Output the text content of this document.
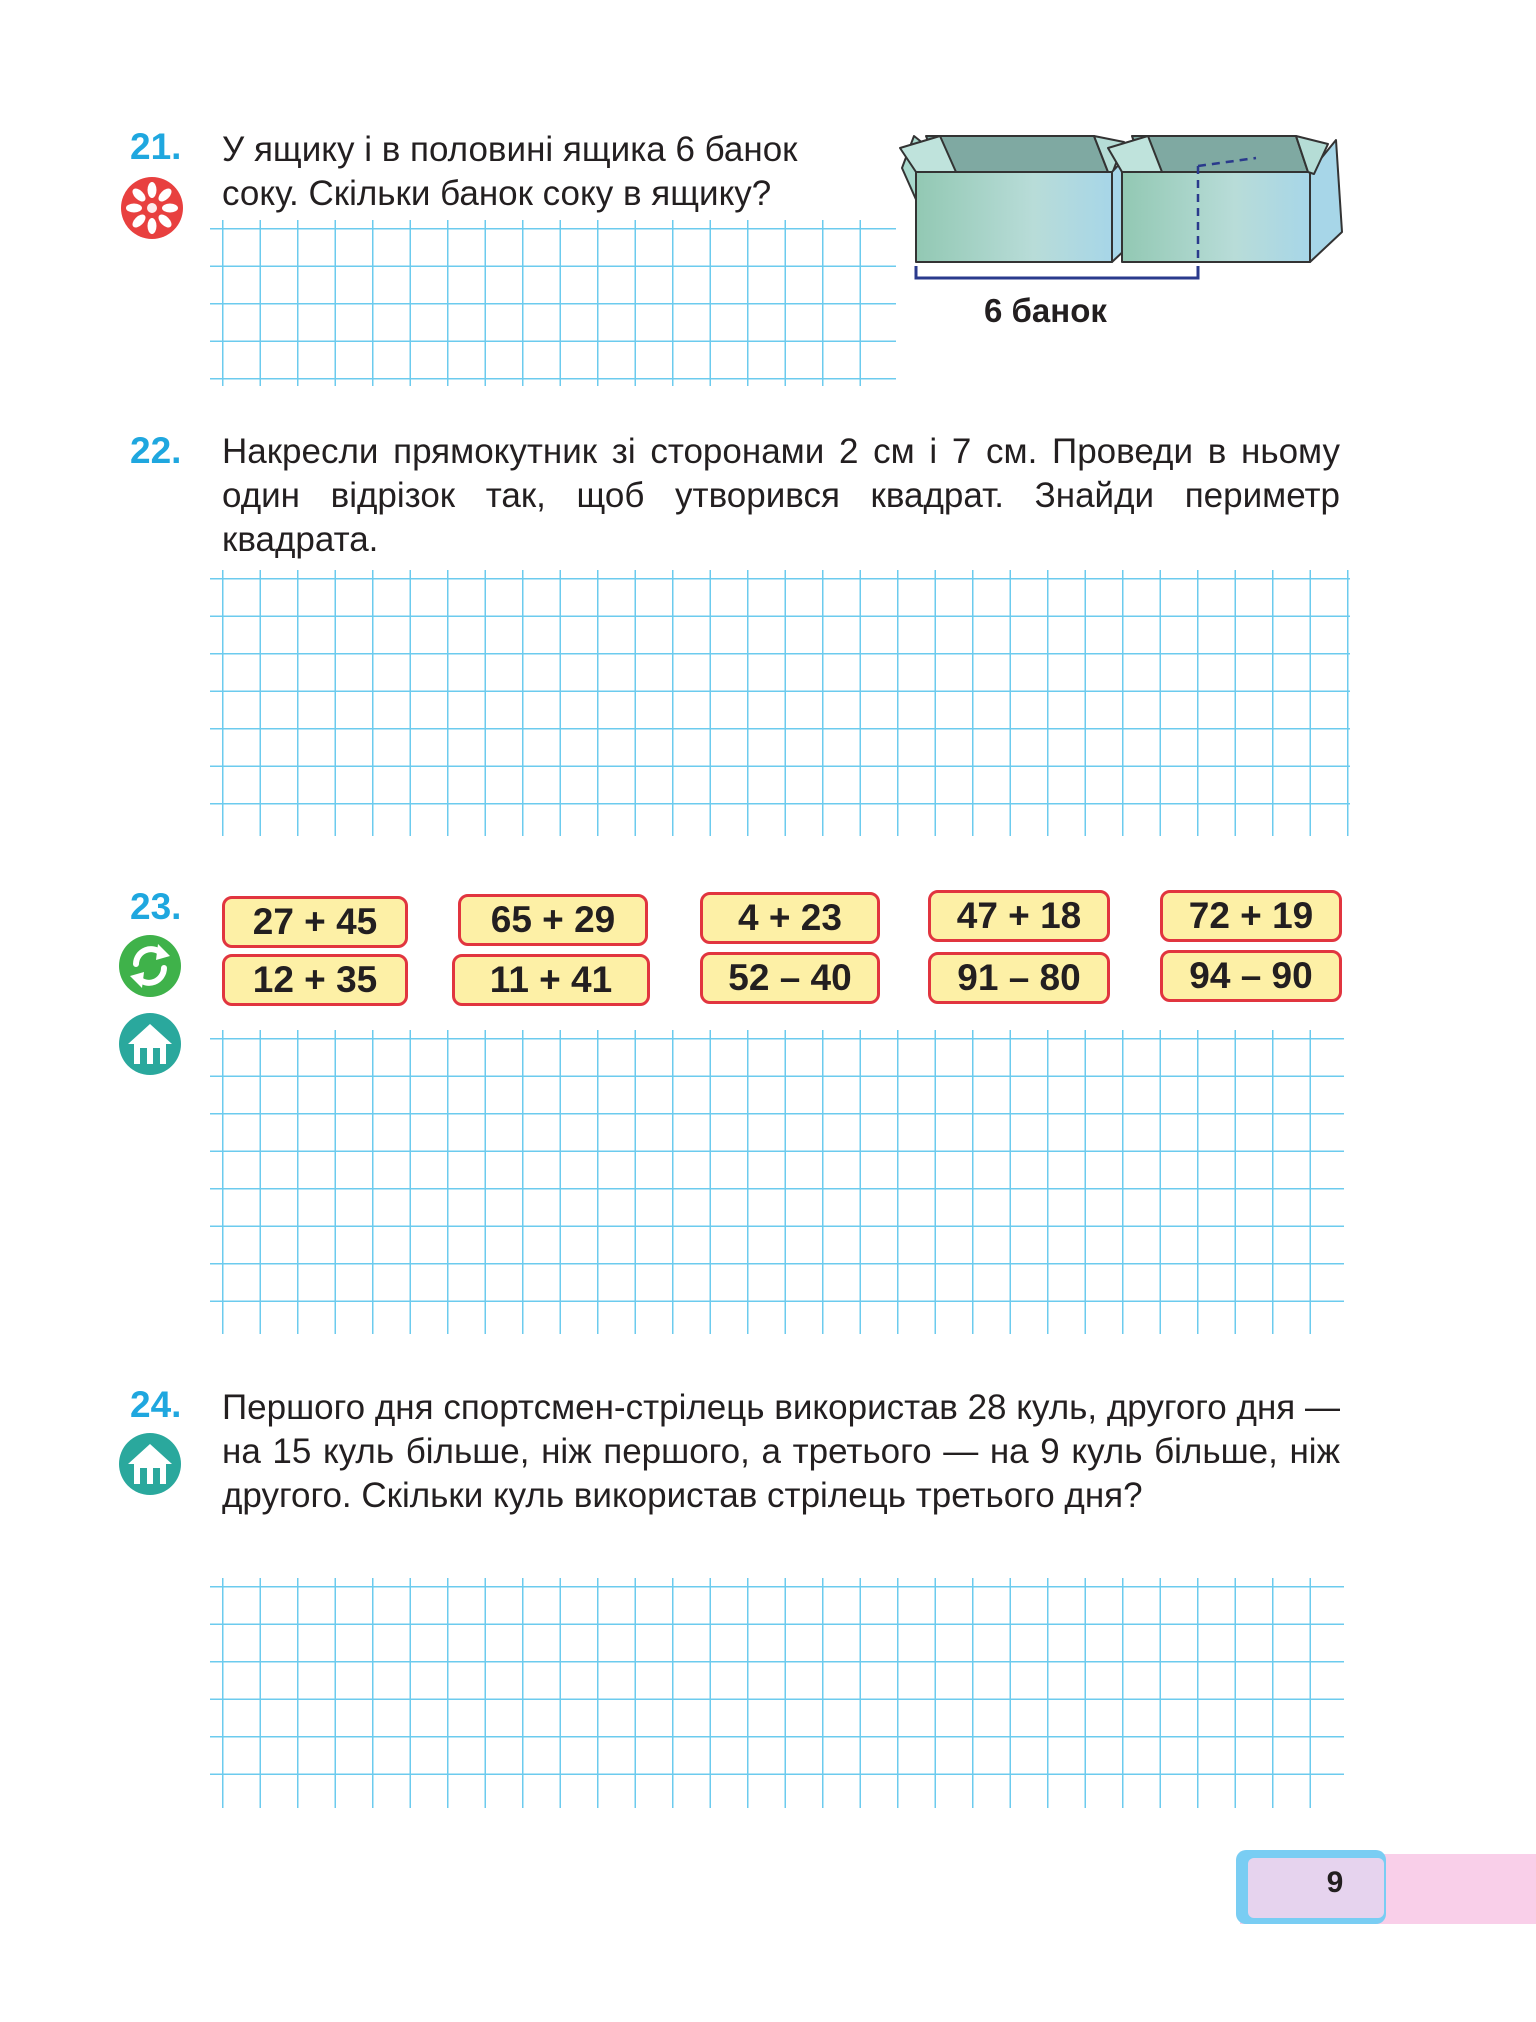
21. У ящику і в половині ящика 6 банок соку. Скільки банок соку в ящику?

6 банок
22. Накресли прямокутник зі сторонами 2 см і 7 см. Проведи в ньому один відрізок так, щоб утворився квадрат. Знайди периметр квадрата.

23.	27 + 45	65 + 29	4 + 23	47 + 18	72 + 19
12 + 35	11 + 41	52 – 40	91 – 80	94 – 90
24. Першого дня спортсмен-стрілець використав 28 куль, другого дня — на 15 куль більше, ніж першого, а третього — на 9 куль більше, ніж другого. Скільки куль використав стрілець третього дня?

9
